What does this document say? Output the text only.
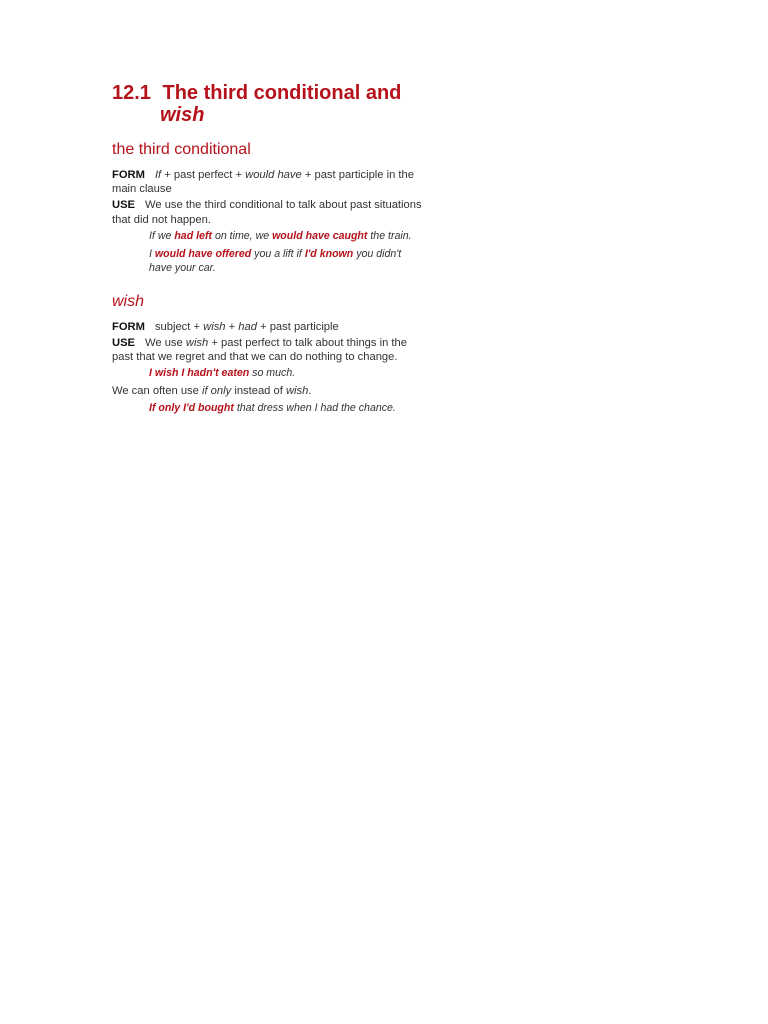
12.1 The third conditional and
wish
the third conditional

FORM If + past perfect + would have + past participle in the main clause

USE We use the third conditional to talk about past situations that did not happen.

If we had left on time, we would have caught the train.

I would have offered you a lift if I'd known you didn't have your car.

wish

FORM subject + wish + had + past participle

USE We use wish + past perfect to talk about things in the past that we regret and that we can do nothing to change.

I wish I hadn't eaten so much.

We can often use if only instead of wish.

If only I'd bought that dress when I had the chance.
